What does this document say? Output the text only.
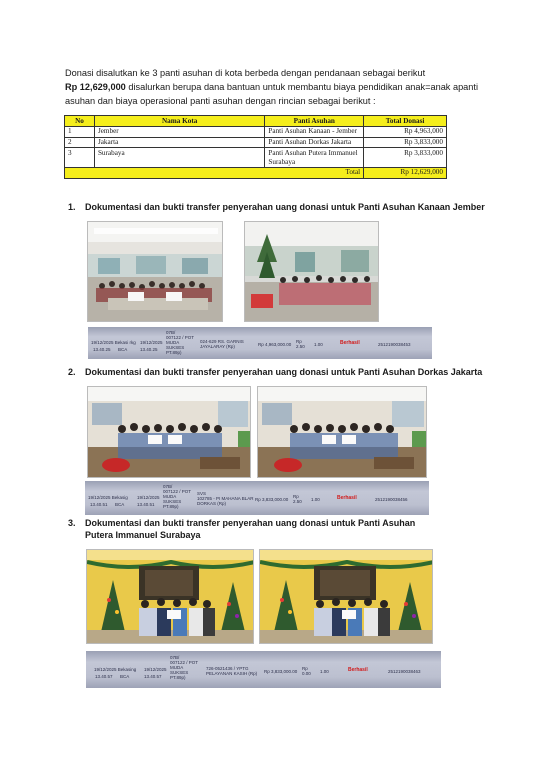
Donasi disalutkan ke 3 panti asuhan di kota berbeda dengan pendanaan sebagai berikut

Rp 12,629,000 disalurkan berupa dana bantuan untuk membantu biaya pendidikan anak=anak apanti asuhan dan biaya operasional panti asuhan dengan rincian sebagai berikut :

No	Nama Kota	Panti Asuhan	Total Donasi
1	Jember	Panti Asuhan Kanaan - Jember	Rp 4,963,000
2	Jakarta	Panti Asuhan Dorkas Jakarta	Rp 3,833,000
3	Surabaya	Panti Asuhan Putera Immanuel Surabaya	Rp 3,833,000
Total			Rp 12,629,000
1. Dokumentasi dan bukti transfer penyerahan uang donasi untuk Panti Asuhan Kanaan Jember
19/12/2025 Bekasi rkg
13.40.25 BCA
19/12/2025
13.40.25
07B/
007122 / POT
MUDA
SUKSES
PT.89p)
024-629 RS. GARNIS
JAYALARAY (Rp)	Rp 4,963,000.00
Rp
2.50 1.00	Berhasil	2512190038453
2. Dokumentasi dan bukti transfer penyerahan uang donasi untuk Panti Asuhan Dorkas Jakarta
19/12/2025 Bekasig
13.40.51 BCA
19/12/2025
13.40.51
07B/
007122 / POT
MUDA
SUKSES
PT.89p)
SVS
102785 - PI MAHANA BLAR
DORKAS (Rp)
Rp 3,833,000.00
Rp
2.50 1.00	Berhasil	2512190038456
3. Dokumentasi dan bukti transfer penyerahan uang donasi untuk Panti Asuhan Putera Immanuel Surabaya
19/12/2025 Bekasing
13.40.57 BCA
19/12/2025
13.40.57
07B/
007122 / POT
MUDA
SUKSES
PT.89p)
726-0521436 / YPTG
PELAYANAN KASIH (Rp) Rp 3,833,000.00
Rp
0.00 1.00	Berhasil	2512190038463
